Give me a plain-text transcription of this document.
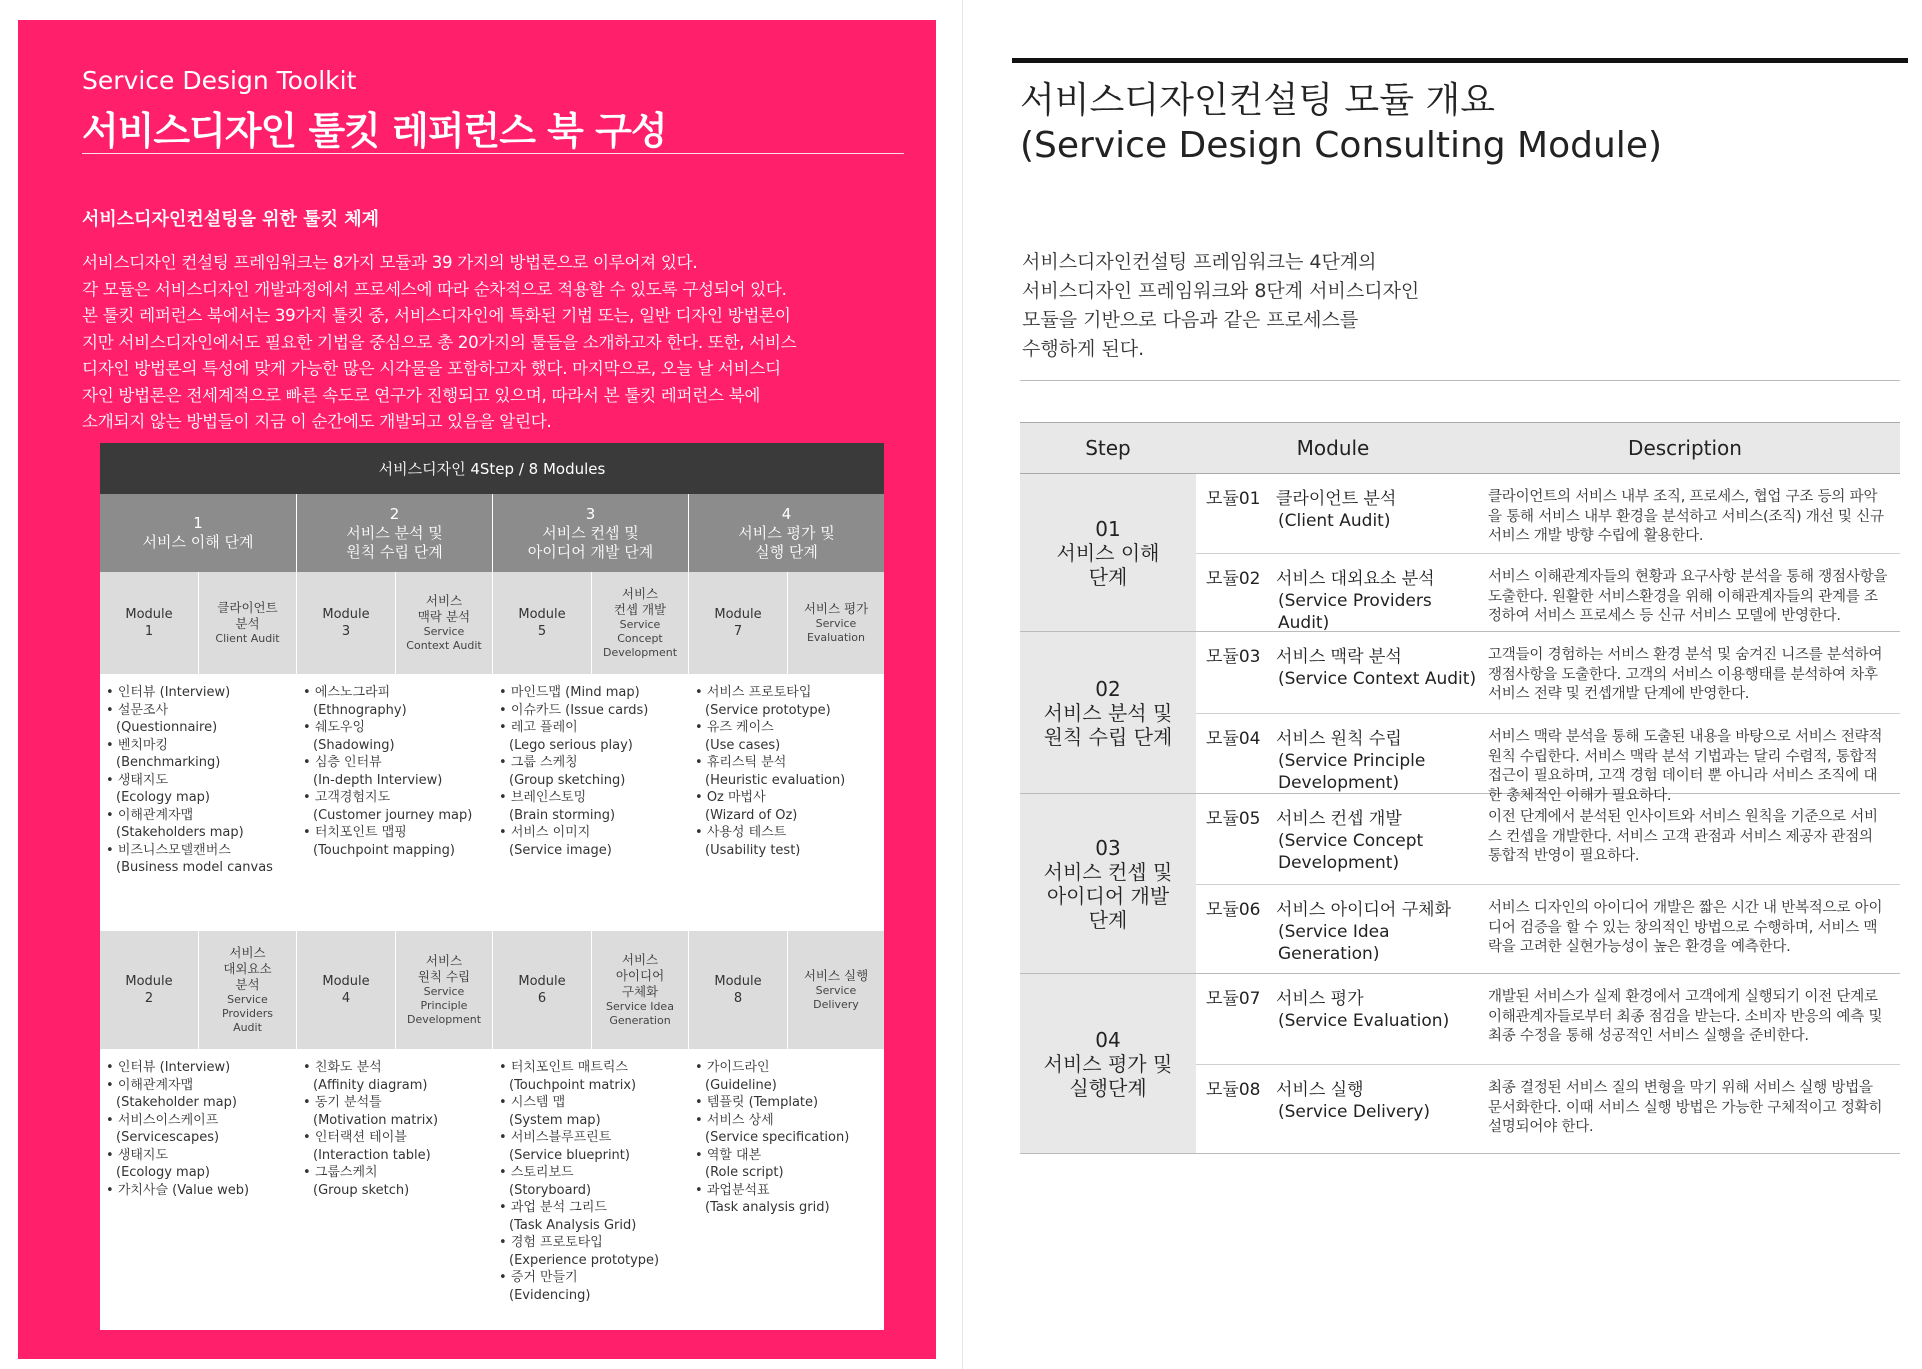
Service Design Toolkit
서비스디자인 툴킷 레퍼런스 북 구성
서비스디자인컨설팅을 위한 툴킷 체계
서비스디자인 컨설팅 프레임워크는 8가지 모듈과 39 가지의 방법론으로 이루어져 있다.
각 모듈은 서비스디자인 개발과정에서 프로세스에 따라 순차적으로 적용할 수 있도록 구성되어 있다.
본 툴킷 레퍼런스 북에서는 39가지 툴킷 중, 서비스디자인에 특화된 기법 또는, 일반 디자인 방법론이
지만 서비스디자인에서도 필요한 기법을 중심으로 총 20가지의 툴들을 소개하고자 한다. 또한, 서비스
디자인 방법론의 특성에 맞게 가능한 많은 시각물을 포함하고자 했다. 마지막으로, 오늘 날 서비스디
자인 방법론은 전세계적으로 빠른 속도로 연구가 진행되고 있으며, 따라서 본 툴킷 레퍼런스 북에
소개되지 않는 방법들이 지금 이 순간에도 개발되고 있음을 알린다.
서비스디자인 4Step / 8 Modules
1
서비스 이해 단계
2
서비스 분석 및
원칙 수립 단계
3
서비스 컨셉 및
아이디어 개발 단계
4
서비스 평가 및
실행 단계
Module
1
클라이언트
분석
Client Audit
Module
3
서비스
맥락 분석
Service
Context Audit
Module
5
서비스
컨셉 개발
Service
Concept
Development
Module
7
서비스 평가
Service
Evaluation
• 인터뷰 (Interview)
• 설문조사
(Questionnaire)
• 벤치마킹
(Benchmarking)
• 생태지도
(Ecology map)
• 이해관계자맵
(Stakeholders map)
• 비즈니스모델캔버스
(Business model canvas
• 에스노그라피
(Ethnography)
• 쉐도우잉
(Shadowing)
• 심층 인터뷰
(In-depth Interview)
• 고객경험지도
(Customer journey map)
• 터치포인트 맵핑
(Touchpoint mapping)
• 마인드맵 (Mind map)
• 이슈카드 (Issue cards)
• 레고 플레이
(Lego serious play)
• 그룹 스케칭
(Group sketching)
• 브레인스토밍
(Brain storming)
• 서비스 이미지
(Service image)
• 서비스 프로토타입
(Service prototype)
• 유즈 케이스
(Use cases)
• 휴리스틱 분석
(Heuristic evaluation)
• Oz 마법사
(Wizard of Oz)
• 사용성 테스트
(Usability test)
Module
2
서비스
대외요소
분석
Service
Providers
Audit
Module
4
서비스
원칙 수립
Service
Principle
Development
Module
6
서비스
아이디어
구체화
Service Idea
Generation
Module
8
서비스 실행
Service
Delivery
• 인터뷰 (Interview)
• 이해관계자맵
(Stakeholder map)
• 서비스이스케이프
(Servicescapes)
• 생태지도
(Ecology map)
• 가치사슬 (Value web)
• 친화도 분석
(Affinity diagram)
• 동기 분석틀
(Motivation matrix)
• 인터랙션 테이블
(Interaction table)
• 그룹스케치
(Group sketch)
• 터치포인트 매트릭스
(Touchpoint matrix)
• 시스템 맵
(System map)
• 서비스블루프린트
(Service blueprint)
• 스토리보드
(Storyboard)
• 과업 분석 그리드
(Task Analysis Grid)
• 경험 프로토타입
(Experience prototype)
• 증거 만들기
(Evidencing)
• 가이드라인
(Guideline)
• 템플릿 (Template)
• 서비스 상세
(Service specification)
• 역할 대본
(Role script)
• 과업분석표
(Task analysis grid)
서비스디자인컨설팅 모듈 개요
(Service Design Consulting Module)
서비스디자인컨설팅 프레임워크는 4단계의
서비스디자인 프레임워크와 8단계 서비스디자인
모듈을 기반으로 다음과 같은 프로세스를
수행하게 된다.
Step	Module	Description
01
서비스 이해
단계
모듈01 클라이언트 분석
(Client Audit)
클라이언트의 서비스 내부 조직, 프로세스, 협업 구조 등의 파악을 통해 서비스 내부 환경을 분석하고 서비스(조직) 개선 및 신규 서비스 개발 방향 수립에 활용한다.
모듈02 서비스 대외요소 분석
(Service Providers Audit)
서비스 이해관계자들의 현황과 요구사항 분석을 통해 쟁점사항을 도출한다. 원활한 서비스환경을 위해 이해관계자들의 관계를 조정하여 서비스 프로세스 등 신규 서비스 모델에 반영한다.
02
서비스 분석 및
원칙 수립 단계
모듈03 서비스 맥락 분석
(Service Context Audit)
고객들이 경험하는 서비스 환경 분석 및 숨겨진 니즈를 분석하여 쟁점사항을 도출한다. 고객의 서비스 이용행태를 분석하여 차후 서비스 전략 및 컨셉개발 단계에 반영한다.
모듈04 서비스 원칙 수립
(Service Principle Development)
서비스 맥락 분석을 통해 도출된 내용을 바탕으로 서비스 전략적 원칙 수립한다. 서비스 맥락 분석 기법과는 달리 수렴적, 통합적 접근이 필요하며, 고객 경험 데이터 뿐 아니라 서비스 조직에 대한 총체적인 이해가 필요하다.
03
서비스 컨셉 및
아이디어 개발
단계
모듈05 서비스 컨셉 개발
(Service Concept Development)
이전 단계에서 분석된 인사이트와 서비스 원칙을 기준으로 서비스 컨셉을 개발한다. 서비스 고객 관점과 서비스 제공자 관점의 통합적 반영이 필요하다.
모듈06 서비스 아이디어 구체화
(Service Idea Generation)
서비스 디자인의 아이디어 개발은 짧은 시간 내 반복적으로 아이디어 검증을 할 수 있는 창의적인 방법으로 수행하며, 서비스 맥락을 고려한 실현가능성이 높은 환경을 예측한다.
04
서비스 평가 및
실행단계
모듈07 서비스 평가
(Service Evaluation)
개발된 서비스가 실제 환경에서 고객에게 실행되기 이전 단계로 이해관계자들로부터 최종 점검을 받는다. 소비자 반응의 예측 및 최종 수정을 통해 성공적인 서비스 실행을 준비한다.
모듈08 서비스 실행
(Service Delivery)
최종 결정된 서비스 질의 변형을 막기 위해 서비스 실행 방법을 문서화한다. 이때 서비스 실행 방법은 가능한 구체적이고 정확히 설명되어야 한다.
